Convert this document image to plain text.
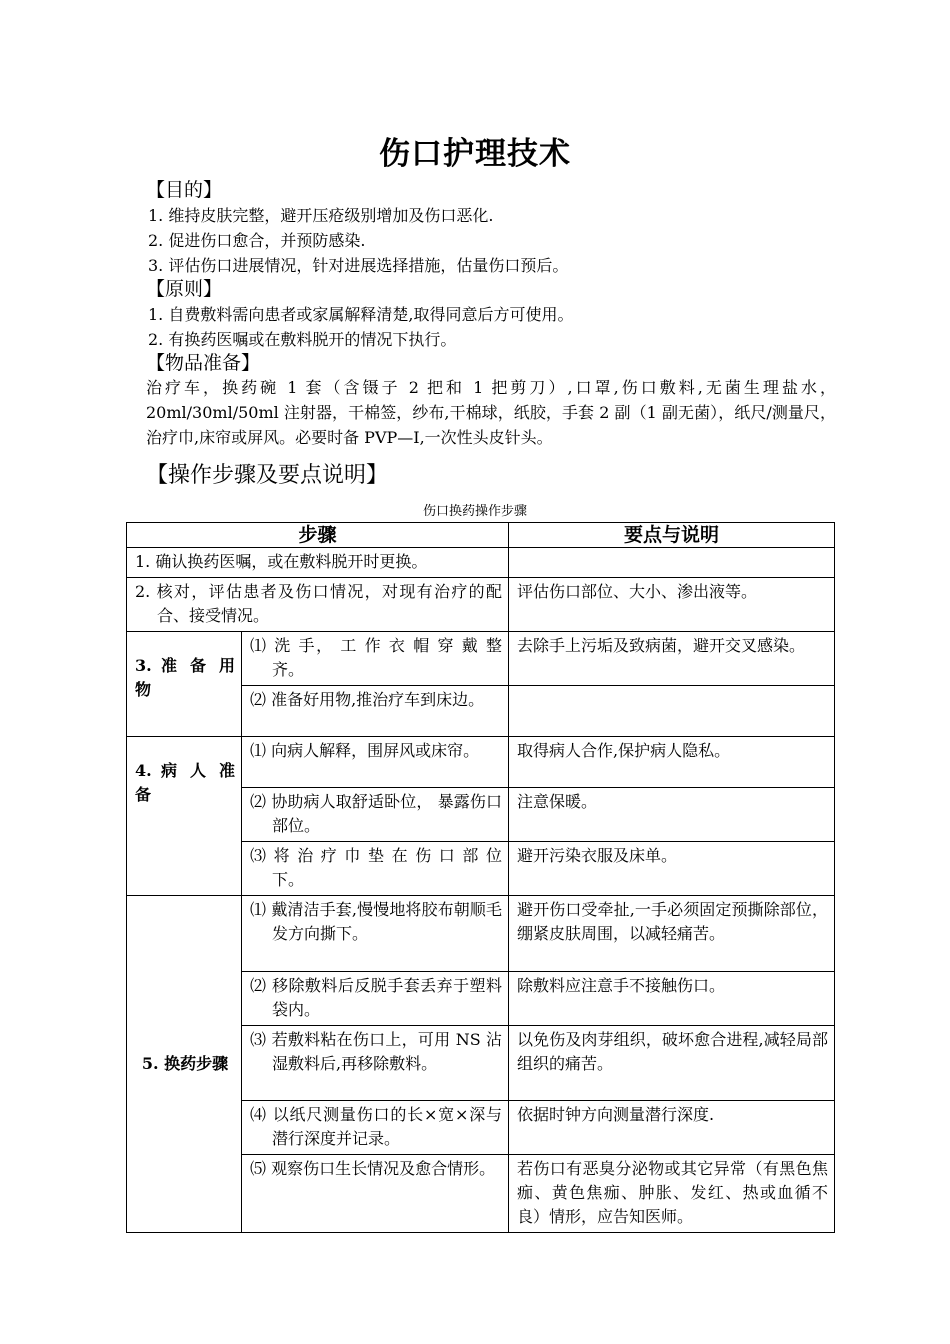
伤口护理技术
【目的】
1. 维持皮肤完整，避开压疮级别增加及伤口恶化.
2. 促进伤口愈合，并预防感染.
3. 评估伤口进展情况，针对进展选择措施，估量伤口预后。
【原则】
1. 自费敷料需向患者或家属解释清楚,取得同意后方可使用。
2. 有换药医嘱或在敷料脱开的情况下执行。
【物品准备】
治疗车，换药碗 1 套（含镊子 2 把和 1 把剪刀）,口罩,伤口敷料,无菌生理盐水，20ml/30ml/50ml 注射器，干棉签，纱布,干棉球，纸胶，手套 2 副（1 副无菌），纸尺/测量尺，治疗巾,床帘或屏风。必要时备 PVP—I,一次性头皮针头。
【操作步骤及要点说明】
伤口换药操作步骤
步骤		要点与说明
1. 确认换药医嘱，或在敷料脱开时更换。		
2. 核对，评估患者及伤口情况，对现有治疗的配合、接受情况。		评估伤口部位、大小、渗出液等。
3. 准 备 用 物	⑴ 洗 手， 工 作 衣 帽 穿 戴 整 齐。	去除手上污垢及致病菌，避开交叉感染。
	⑵ 准备好用物,推治疗车到床边。	
4. 病 人 准 备	⑴ 向病人解释，围屏风或床帘。	取得病人合作,保护病人隐私。
	⑵ 协助病人取舒适卧位， 暴露伤口部位。	注意保暖。
	⑶ 将 治 疗 巾 垫 在 伤 口 部 位 下。	避开污染衣服及床单。
5. 换药步骤	⑴ 戴清洁手套,慢慢地将胶布朝顺毛发方向撕下。	避开伤口受牵扯,一手必须固定预撕除部位，绷紧皮肤周围，以减轻痛苦。
	⑵ 移除敷料后反脱手套丢弃于塑料袋内。	除敷料应注意手不接触伤口。
	⑶ 若敷料粘在伤口上，可用 NS 沾湿敷料后,再移除敷料。	以免伤及肉芽组织，破坏愈合进程,减轻局部组织的痛苦。
	⑷ 以纸尺测量伤口的长×宽×深与潜行深度并记录。	依据时钟方向测量潜行深度.
	⑸ 观察伤口生长情况及愈合情形。	若伤口有恶臭分泌物或其它异常（有黑色焦痂、黄色焦痂、肿胀、发红、热或血循不良）情形，应告知医师。
